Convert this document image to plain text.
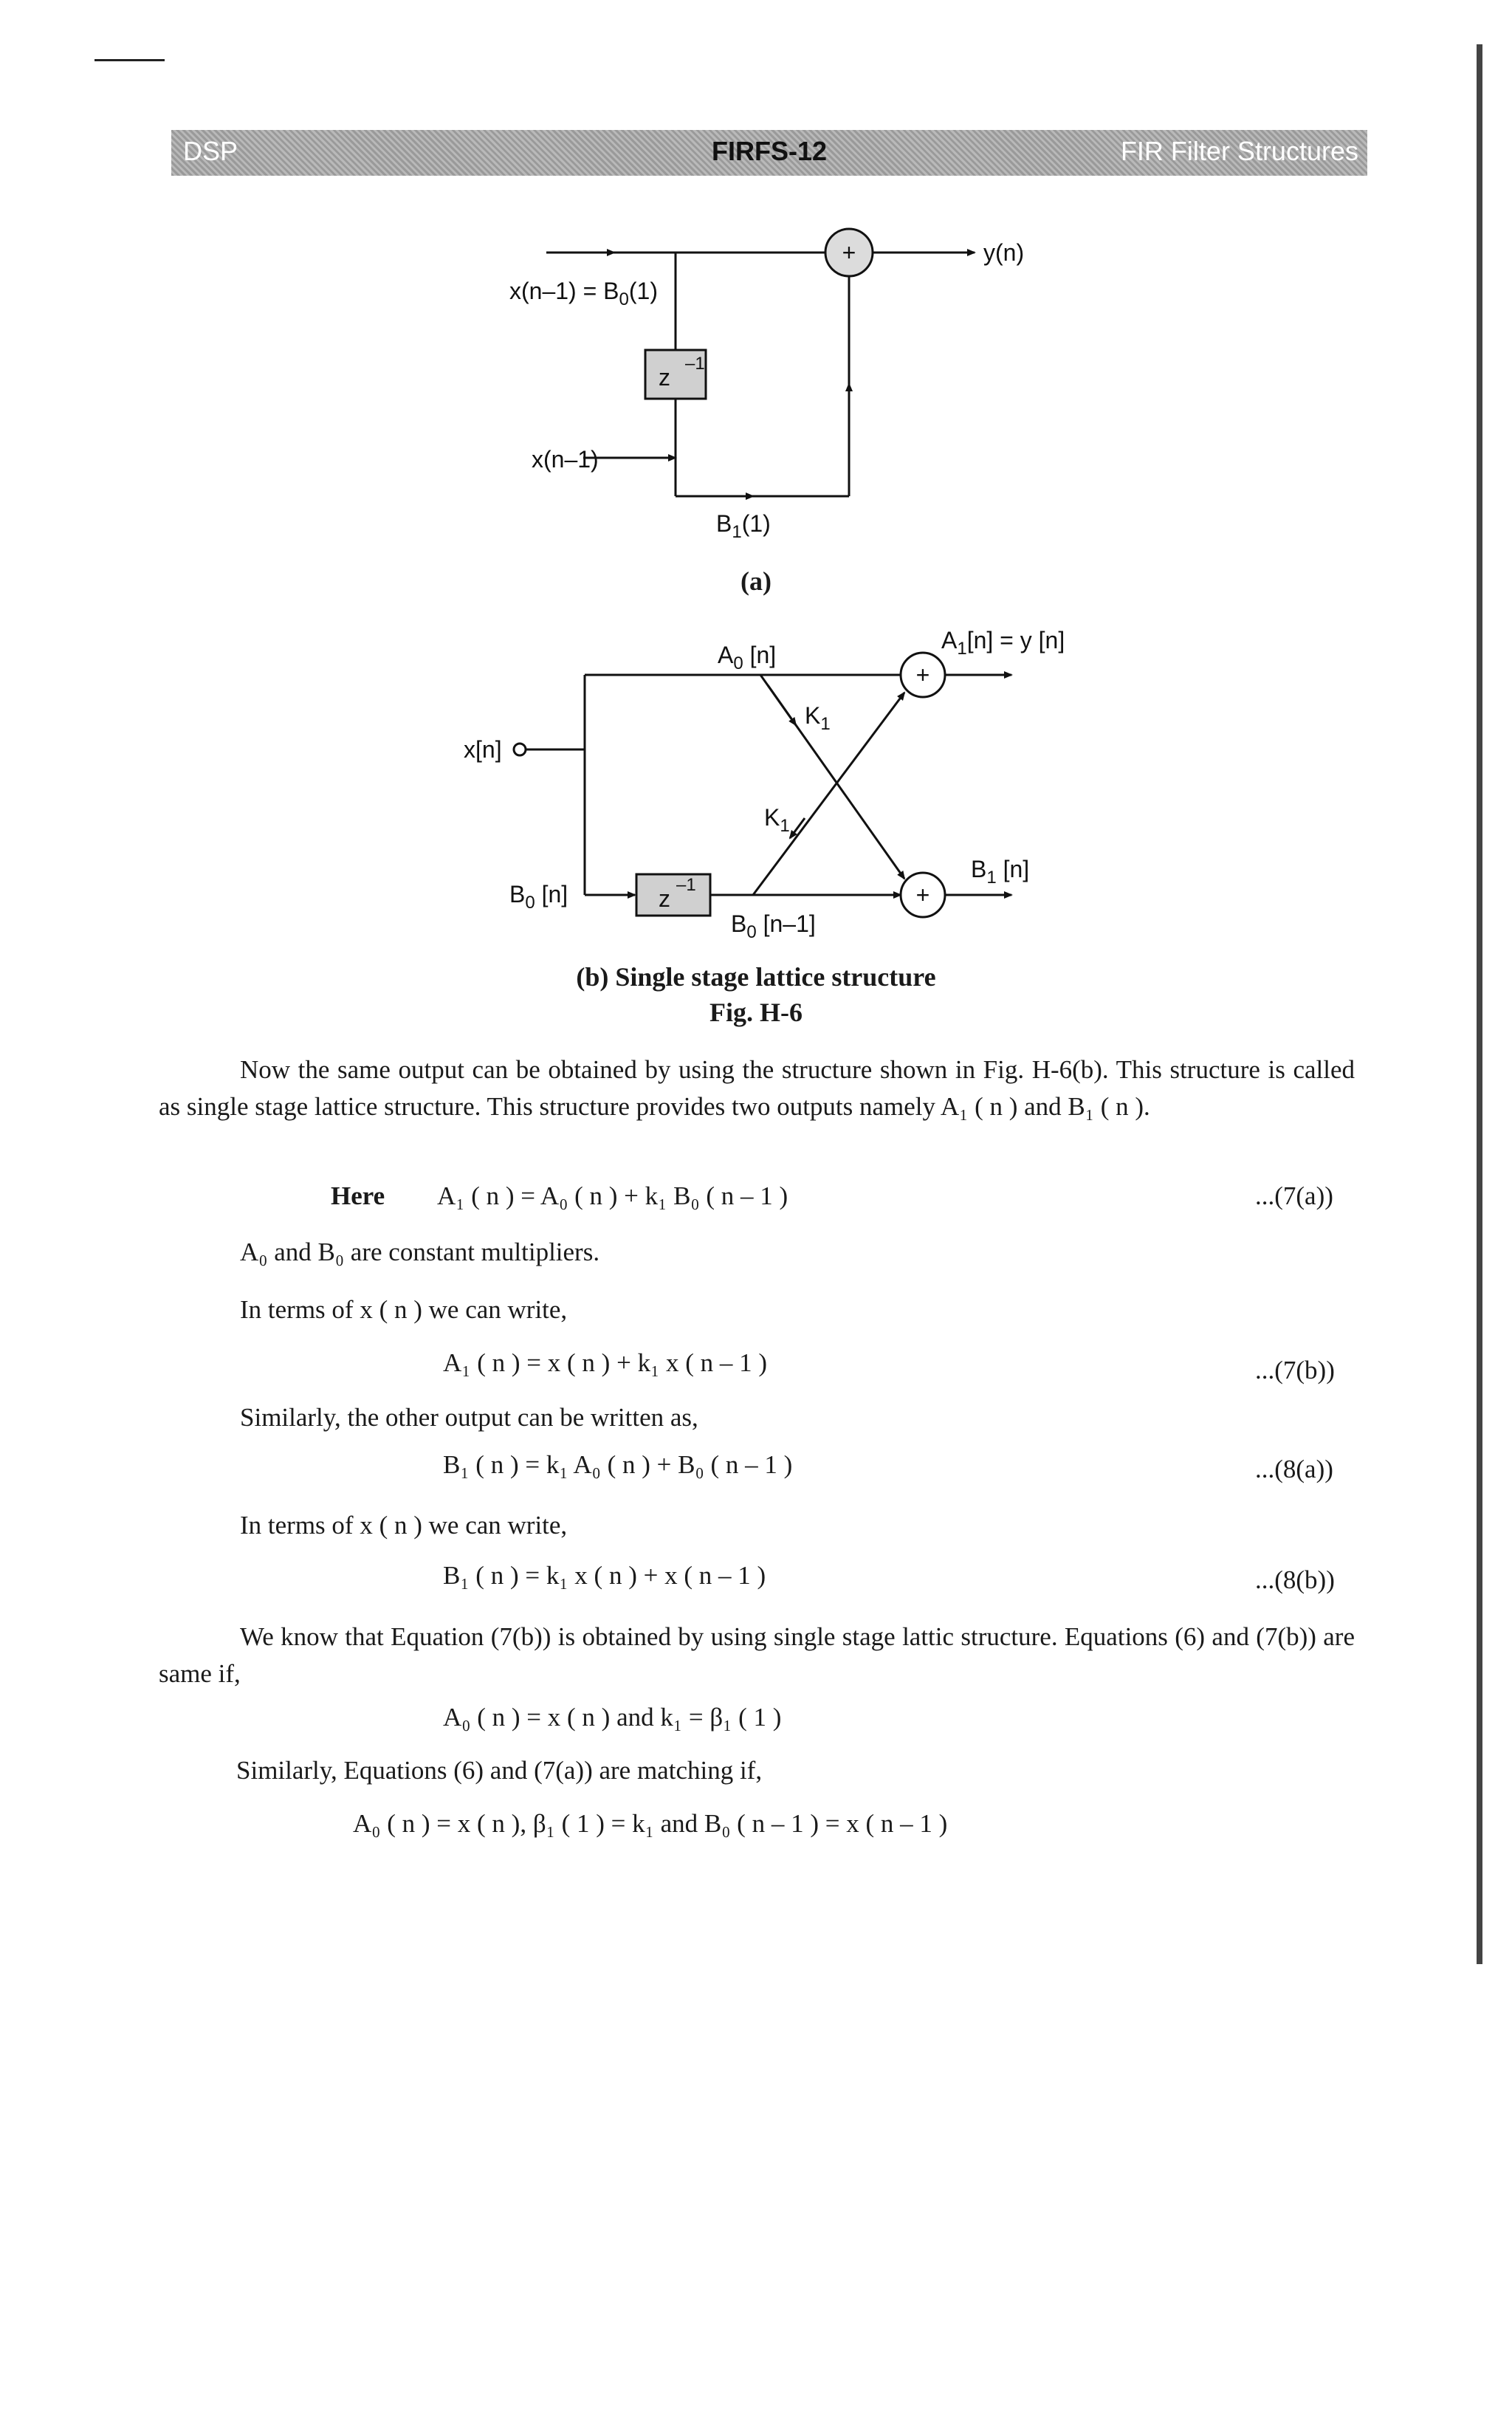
DSP	FIRFS-12	FIR Filter Structures
+
z
–1
$x(n-1) = B_0(1)$
x(n–1)
$B_1(1)$
y(n)
+
+
z
–1
$A_0$ [n]
$A_1[n] = y$ [n]
$K_1$
$K_1$
x[n]
$B_0$ [n]
$B_0$ [n–1]
$B_1$ [n]
(a)
(b) Single stage lattice structure
Fig. H-6
Now the same output can be obtained by using the structure shown in Fig. H-6(b). This structure is called as single stage lattice structure. This structure provides two outputs namely A₁ ( n ) and B₁ ( n ).
Here A₁ ( n ) = A₀ ( n ) + k₁ B₀ ( n – 1 )	...(7(a))
A₀ and B₀ are constant multipliers.
In terms of x ( n ) we can write,
A₁ ( n ) = x ( n ) + k₁ x ( n – 1 )	...(7(b))
Similarly, the other output can be written as,
B₁ ( n ) = k₁ A₀ ( n ) + B₀ ( n – 1 )	...(8(a))
In terms of x ( n ) we can write,
B₁ ( n ) = k₁ x ( n ) + x ( n – 1 )	...(8(b))
We know that Equation (7(b)) is obtained by using single stage lattic structure. Equations (6) and (7(b)) are same if,
A₀ ( n ) = x ( n ) and k₁ = β₁ ( 1 )
Similarly, Equations (6) and (7(a)) are matching if,
A₀ ( n ) = x ( n ), β₁ ( 1 ) = k₁ and B₀ ( n – 1 ) = x ( n – 1 )
